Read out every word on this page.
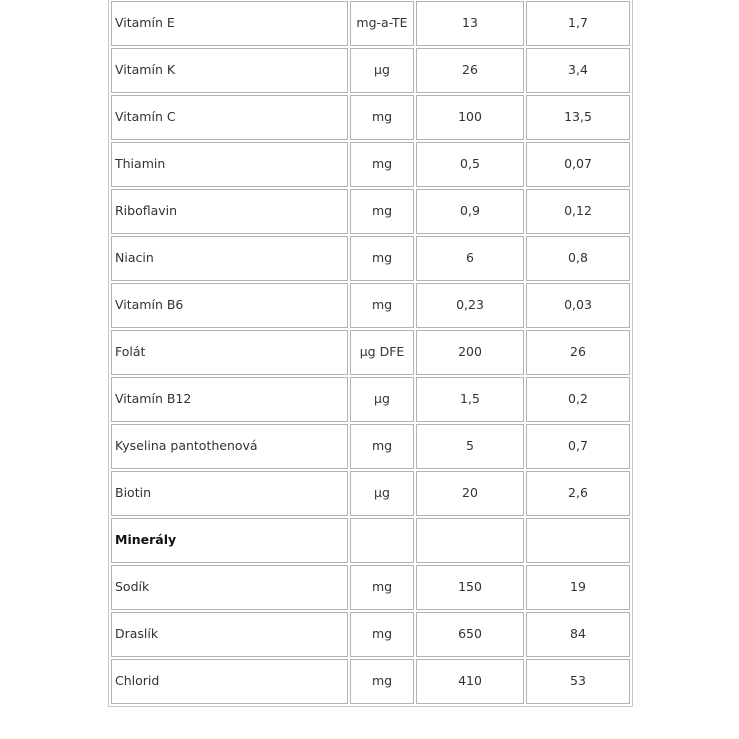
Vitamín E	mg-a-TE	13	1,7
Vitamín K	µg	26	3,4
Vitamín C	mg	100	13,5
Thiamin	mg	0,5	0,07
Riboflavin	mg	0,9	0,12
Niacin	mg	6	0,8
Vitamín B6	mg	0,23	0,03
Folát	µg DFE	200	26
Vitamín B12	µg	1,5	0,2
Kyselina pantothenová	mg	5	0,7
Biotin	µg	20	2,6
Minerály			
Sodík	mg	150	19
Draslík	mg	650	84
Chlorid	mg	410	53
